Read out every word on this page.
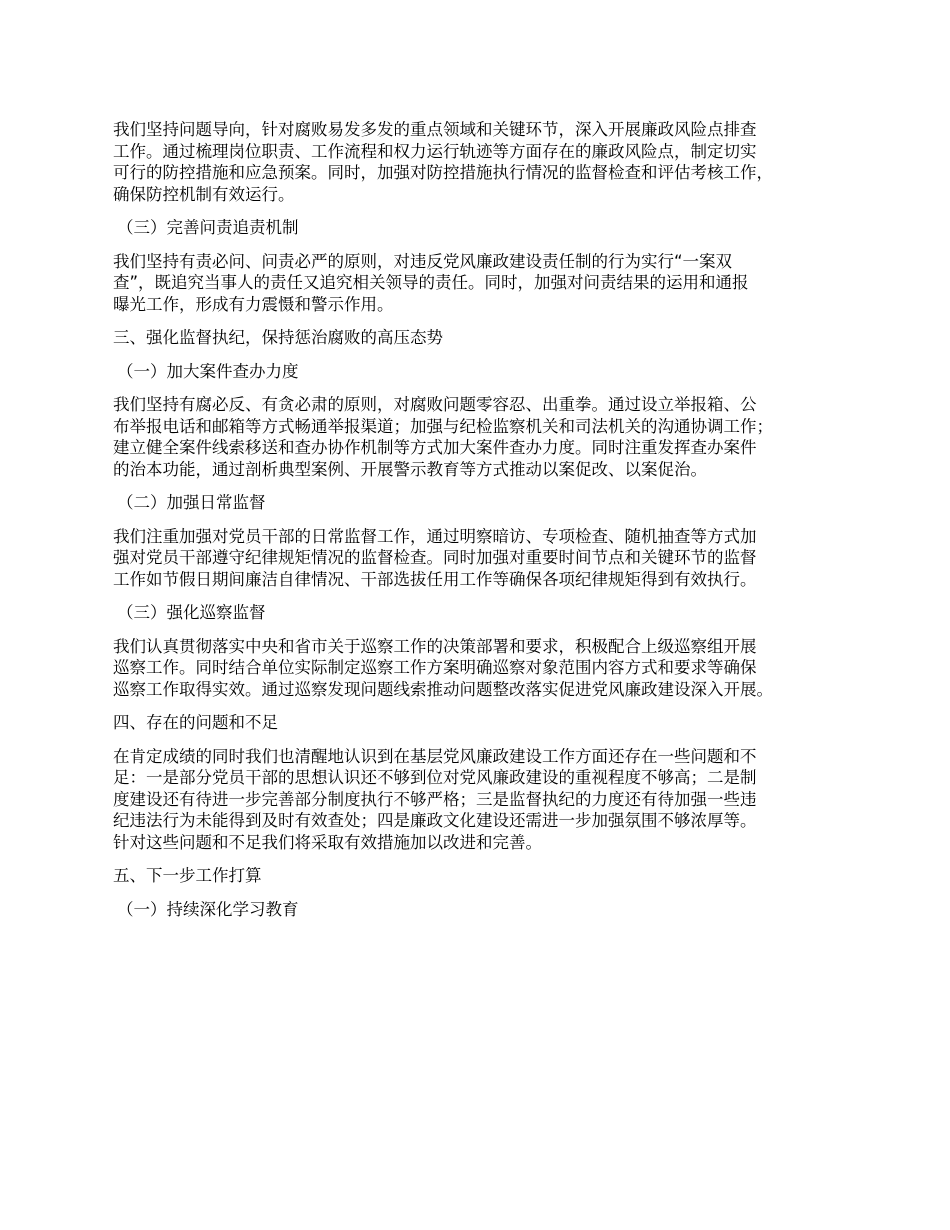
我们坚持问题导向，针对腐败易发多发的重点领域和关键环节，深入开展廉政风险点排查
工作。通过梳理岗位职责、工作流程和权力运行轨迹等方面存在的廉政风险点，制定切实
可行的防控措施和应急预案。同时，加强对防控措施执行情况的监督检查和评估考核工作，
确保防控机制有效运行。
（三）完善问责追责机制
我们坚持有责必问、问责必严的原则，对违反党风廉政建设责任制的行为实行“一案双
查”，既追究当事人的责任又追究相关领导的责任。同时，加强对问责结果的运用和通报
曝光工作，形成有力震慑和警示作用。
三、强化监督执纪，保持惩治腐败的高压态势
（一）加大案件查办力度
我们坚持有腐必反、有贪必肃的原则，对腐败问题零容忍、出重拳。通过设立举报箱、公
布举报电话和邮箱等方式畅通举报渠道；加强与纪检监察机关和司法机关的沟通协调工作；
建立健全案件线索移送和查办协作机制等方式加大案件查办力度。同时注重发挥查办案件
的治本功能，通过剖析典型案例、开展警示教育等方式推动以案促改、以案促治。
（二）加强日常监督
我们注重加强对党员干部的日常监督工作，通过明察暗访、专项检查、随机抽查等方式加
强对党员干部遵守纪律规矩情况的监督检查。同时加强对重要时间节点和关键环节的监督
工作如节假日期间廉洁自律情况、干部选拔任用工作等确保各项纪律规矩得到有效执行。
（三）强化巡察监督
我们认真贯彻落实中央和省市关于巡察工作的决策部署和要求，积极配合上级巡察组开展
巡察工作。同时结合单位实际制定巡察工作方案明确巡察对象范围内容方式和要求等确保
巡察工作取得实效。通过巡察发现问题线索推动问题整改落实促进党风廉政建设深入开展。
四、存在的问题和不足
在肯定成绩的同时我们也清醒地认识到在基层党风廉政建设工作方面还存在一些问题和不
足：一是部分党员干部的思想认识还不够到位对党风廉政建设的重视程度不够高；二是制
度建设还有待进一步完善部分制度执行不够严格；三是监督执纪的力度还有待加强一些违
纪违法行为未能得到及时有效查处；四是廉政文化建设还需进一步加强氛围不够浓厚等。
针对这些问题和不足我们将采取有效措施加以改进和完善。
五、下一步工作打算
（一）持续深化学习教育
